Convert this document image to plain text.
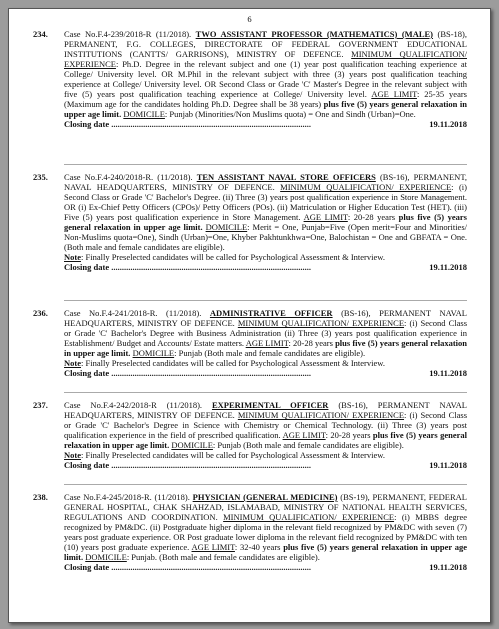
6
234. Case No.F.4-239/2018-R (11/2018). TWO ASSISTANT PROFESSOR (MATHEMATICS) (MALE) (BS-18), PERMANENT, F.G. COLLEGES, DIRECTORATE OF FEDERAL GOVERNMENT EDUCATIONAL INSTITUTIONS (CANTTS/ GARRISONS), MINISTRY OF DEFENCE. MINIMUM QUALIFICATION/ EXPERIENCE: Ph.D. Degree in the relevant subject and one (1) year post qualification teaching experience at College/ University level. OR M.Phil in the relevant subject with three (3) years post qualification teaching experience at College/ University level. OR Second Class or Grade 'C' Master's Degree in the relevant subject with five (5) years post qualification teaching experience at College/ University level. AGE LIMIT: 25-35 years (Maximum age for the candidates holding Ph.D. Degree shall be 38 years) plus five (5) years general relaxation in upper age limit. DOMICILE: Punjab (Minorities/Non Muslims quota) = One and Sindh (Urban)=One.

Closing date ..............................................................................................	19.11.2018

235. Case No.F.4-240/2018-R. (11/2018). TEN ASSISTANT NAVAL STORE OFFICERS (BS-16), PERMANENT, NAVAL HEADQUARTERS, MINISTRY OF DEFENCE. MINIMUM QUALIFICATION/ EXPERIENCE: (i) Second Class or Grade 'C' Bachelor's Degree. (ii) Three (3) years post qualification experience in Store Management. OR (i) Ex-Chief Petty Officers (CPOs)/ Petty Officers (POs). (ii) Matriculation or Higher Education Test (HET). (iii) Five (5) years post qualification experience in Store Management. AGE LIMIT: 20-28 years plus five (5) years general relaxation in upper age limit. DOMICILE: Merit = One, Punjab=Five (Open merit=Four and Minorities/ Non-Muslims quota=One), Sindh (Urban)=One, Khyber Pakhtunkhwa=One, Balochistan = One and GBFATA = One. (Both male and female candidates are eligible).

Note: Finally Preselected candidates will be called for Psychological Assessment & Interview.

Closing date ..............................................................................................	19.11.2018

236. Case No.F.4-241/2018-R. (11/2018). ADMINISTRATIVE OFFICER (BS-16), PERMANENT NAVAL HEADQUARTERS, MINISTRY OF DEFENCE. MINIMUM QUALIFICATION/ EXPERIENCE: (i) Second Class or Grade 'C' Bachelor's Degree with Business Administration (ii) Three (3) years post qualification experience in Establishment/ Budget and Accounts/ Estate matters. AGE LIMIT: 20-28 years plus five (5) years general relaxation in upper age limit. DOMICILE: Punjab (Both male and female candidates are eligible).

Note: Finally Preselected candidates will be called for Psychological Assessment & Interview.

Closing date ..............................................................................................	19.11.2018

237. Case No.F.4-242/2018-R (11/2018). EXPERIMENTAL OFFICER (BS-16), PERMANENT NAVAL HEADQUARTERS, MINISTRY OF DEFENCE. MINIMUM QUALIFICATION/ EXPERIENCE: (i) Second Class or Grade 'C' Bachelor's Degree in Science with Chemistry or Chemical Technology. (ii) Three (3) years post qualification experience in the field of prescribed qualification. AGE LIMIT: 20-28 years plus five (5) years general relaxation in upper age limit. DOMICILE: Punjab (Both male and female candidates are eligible).

Note: Finally Preselected candidates will be called for Psychological Assessment & Interview.

Closing date ..............................................................................................	19.11.2018

238. Case No.F.4-245/2018-R. (11/2018). PHYSICIAN (GENERAL MEDICINE) (BS-19), PERMANENT, FEDERAL GENERAL HOSPITAL, CHAK SHAHZAD, ISLAMABAD, MINISTRY OF NATIONAL HEALTH SERVICES, REGULATIONS AND COORDINATION. MINIMUM QUALIFICATION/ EXPERIENCE: (i) MBBS degree recognized by PM&DC. (ii) Postgraduate higher diploma in the relevant field recognized by PM&DC with seven (7) years post graduate experience. OR Post graduate lower diploma in the relevant field recognized by PM&DC with ten (10) years post graduate experience. AGE LIMIT: 32-40 years plus five (5) years general relaxation in upper age limit. DOMICILE: Punjab. (Both male and female candidates are eligible).

Closing date ..............................................................................................	19.11.2018
